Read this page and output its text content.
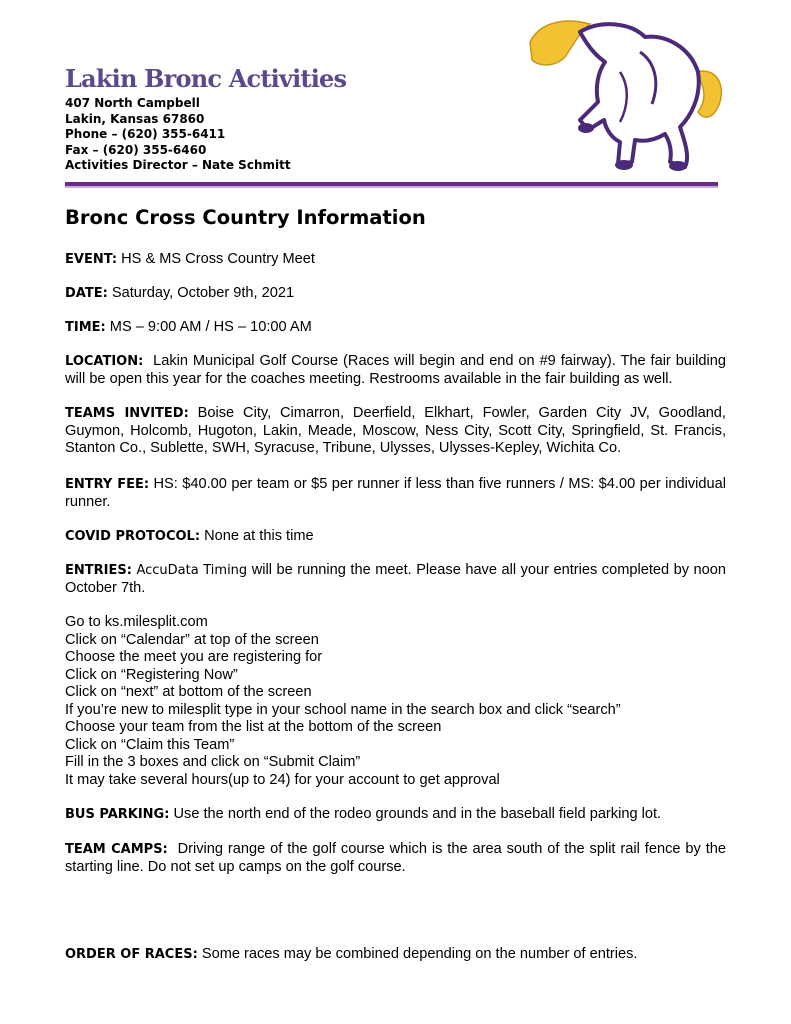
Lakin Bronc Activities
407 North Campbell
Lakin, Kansas 67860
Phone – (620) 355-6411
Fax – (620) 355-6460
Activities Director – Nate Schmitt
Bronc Cross Country Information
EVENT: HS & MS Cross Country Meet
DATE: Saturday, October 9th, 2021
TIME: MS – 9:00 AM / HS – 10:00 AM
LOCATION: Lakin Municipal Golf Course (Races will begin and end on #9 fairway). The fair building will be open this year for the coaches meeting. Restrooms available in the fair building as well.
TEAMS INVITED: Boise City, Cimarron, Deerfield, Elkhart, Fowler, Garden City JV, Goodland, Guymon, Holcomb, Hugoton, Lakin, Meade, Moscow, Ness City, Scott City, Springfield, St. Francis, Stanton Co., Sublette, SWH, Syracuse, Tribune, Ulysses, Ulysses-Kepley, Wichita Co.
ENTRY FEE: HS: $40.00 per team or $5 per runner if less than five runners / MS: $4.00 per individual runner.
COVID PROTOCOL: None at this time
ENTRIES: AccuData Timing will be running the meet. Please have all your entries completed by noon October 7th.
Go to ks.milesplit.com
Click on “Calendar” at top of the screen
Choose the meet you are registering for
Click on “Registering Now”
Click on “next” at bottom of the screen
If you’re new to milesplit type in your school name in the search box and click “search”
Choose your team from the list at the bottom of the screen
Click on “Claim this Team”
Fill in the 3 boxes and click on “Submit Claim”
It may take several hours(up to 24) for your account to get approval
BUS PARKING: Use the north end of the rodeo grounds and in the baseball field parking lot.
TEAM CAMPS: Driving range of the golf course which is the area south of the split rail fence by the starting line. Do not set up camps on the golf course.
ORDER OF RACES: Some races may be combined depending on the number of entries.
